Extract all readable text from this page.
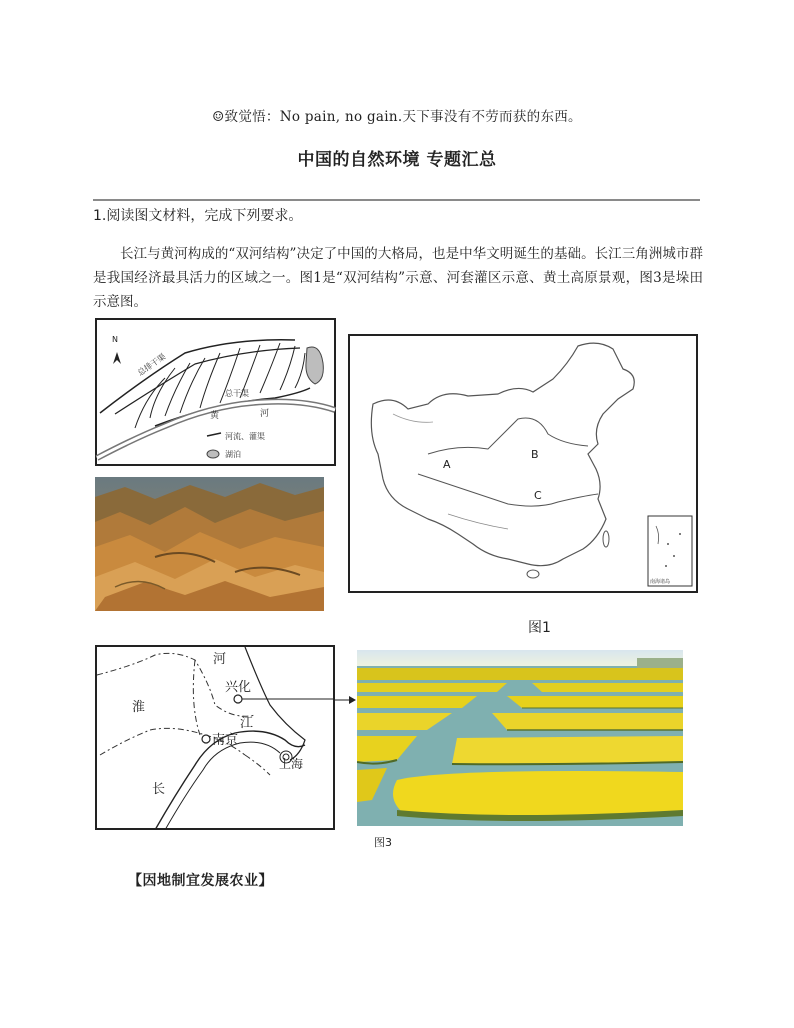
☺致觉悟：No pain, no gain.天下事没有不劳而获的东西。
中国的自然环境 专题汇总
1.阅读图文材料，完成下列要求。
长江与黄河构成的“双河结构”决定了中国的大格局，也是中华文明诞生的基础。长江三角洲城市群是我国经济最具活力的区域之一。图1是“双河结构”示意、河套灌区示意、黄土高原景观，图3是垛田示意图。
N
总排干渠
总干渠
黄	河
河流、灌渠
湖泊
南海诸岛
A
B
C
图1
河
淮
兴化
江
南京
上海
长
图3
【因地制宜发展农业】
